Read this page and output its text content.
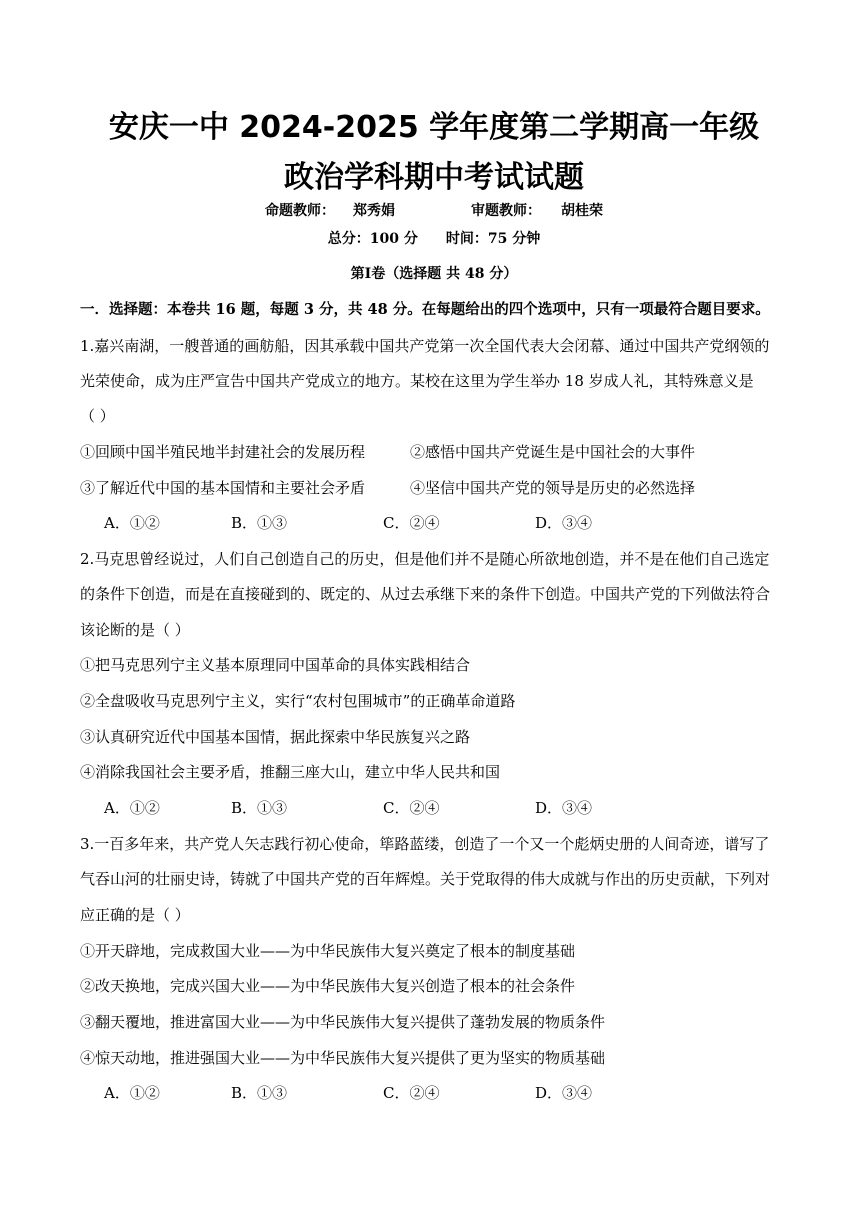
安庆一中 2024-2025 学年度第二学期高一年级
政治学科期中考试试题
命题教师： 郑秀娟	审题教师： 胡桂荣
总分：100 分 时间：75 分钟
第Ⅰ卷（选择题 共 48 分）
一．选择题：本卷共 16 题，每题 3 分，共 48 分。在每题给出的四个选项中，只有一项最符合题目要求。
1.嘉兴南湖，一艘普通的画舫船，因其承载中国共产党第一次全国代表大会闭幕、通过中国共产党纲领的
光荣使命，成为庄严宣告中国共产党成立的地方。某校在这里为学生举办 18 岁成人礼，其特殊意义是
（ ）
①回顾中国半殖民地半封建社会的发展历程	②感悟中国共产党诞生是中国社会的大事件
③了解近代中国的基本国情和主要社会矛盾	④坚信中国共产党的领导是历史的必然选择
A．①②	B．①③	C．②④	D．③④
2.马克思曾经说过，人们自己创造自己的历史，但是他们并不是随心所欲地创造，并不是在他们自己选定
的条件下创造，而是在直接碰到的、既定的、从过去承继下来的条件下创造。中国共产党的下列做法符合
该论断的是（ ）
①把马克思列宁主义基本原理同中国革命的具体实践相结合
②全盘吸收马克思列宁主义，实行“农村包围城市”的正确革命道路
③认真研究近代中国基本国情，据此探索中华民族复兴之路
④消除我国社会主要矛盾，推翻三座大山，建立中华人民共和国
A．①②	B．①③	C．②④	D．③④
3.一百多年来，共产党人矢志践行初心使命，筚路蓝缕，创造了一个又一个彪炳史册的人间奇迹，谱写了
气吞山河的壮丽史诗，铸就了中国共产党的百年辉煌。关于党取得的伟大成就与作出的历史贡献，下列对
应正确的是（ ）
①开天辟地，完成救国大业——为中华民族伟大复兴奠定了根本的制度基础
②改天换地，完成兴国大业——为中华民族伟大复兴创造了根本的社会条件
③翻天覆地，推进富国大业——为中华民族伟大复兴提供了蓬勃发展的物质条件
④惊天动地，推进强国大业——为中华民族伟大复兴提供了更为坚实的物质基础
A．①②	B．①③	C．②④	D．③④
